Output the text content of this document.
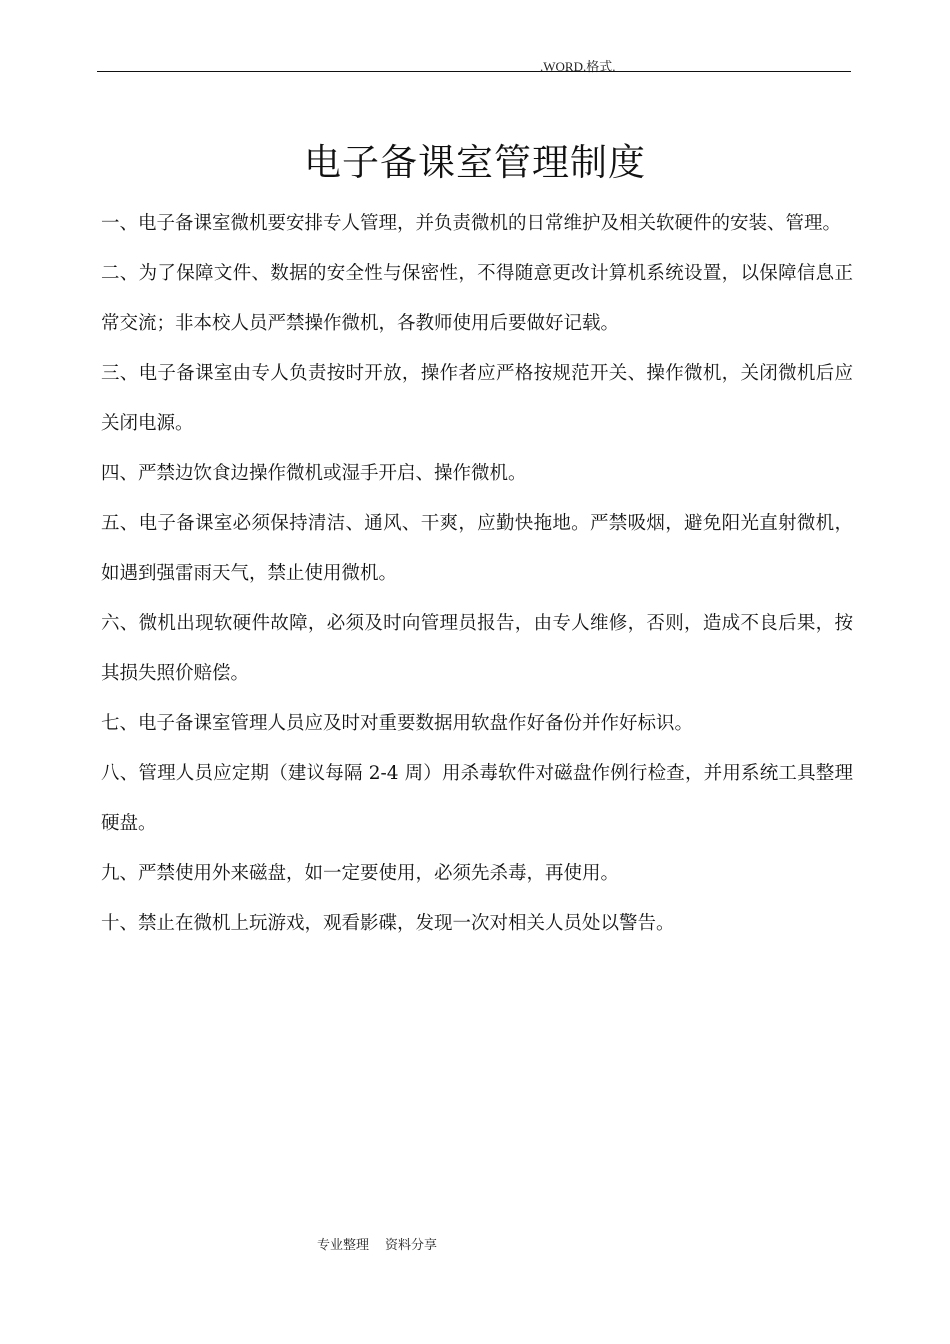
.WORD.格式.
电子备课室管理制度
一、电子备课室微机要安排专人管理，并负责微机的日常维护及相关软硬件的安装、管理。
二、为了保障文件、数据的安全性与保密性，不得随意更改计算机系统设置，以保障信息正常交流；非本校人员严禁操作微机，各教师使用后要做好记载。
三、电子备课室由专人负责按时开放，操作者应严格按规范开关、操作微机，关闭微机后应关闭电源。
四、严禁边饮食边操作微机或湿手开启、操作微机。
五、电子备课室必须保持清洁、通风、干爽，应勤快拖地。严禁吸烟，避免阳光直射微机，如遇到强雷雨天气，禁止使用微机。
六、微机出现软硬件故障，必须及时向管理员报告，由专人维修，否则，造成不良后果，按其损失照价赔偿。
七、电子备课室管理人员应及时对重要数据用软盘作好备份并作好标识。
八、管理人员应定期（建议每隔 2-4 周）用杀毒软件对磁盘作例行检查，并用系统工具整理硬盘。
九、严禁使用外来磁盘，如一定要使用，必须先杀毒，再使用。
十、禁止在微机上玩游戏，观看影碟，发现一次对相关人员处以警告。
专业整理 资料分享
